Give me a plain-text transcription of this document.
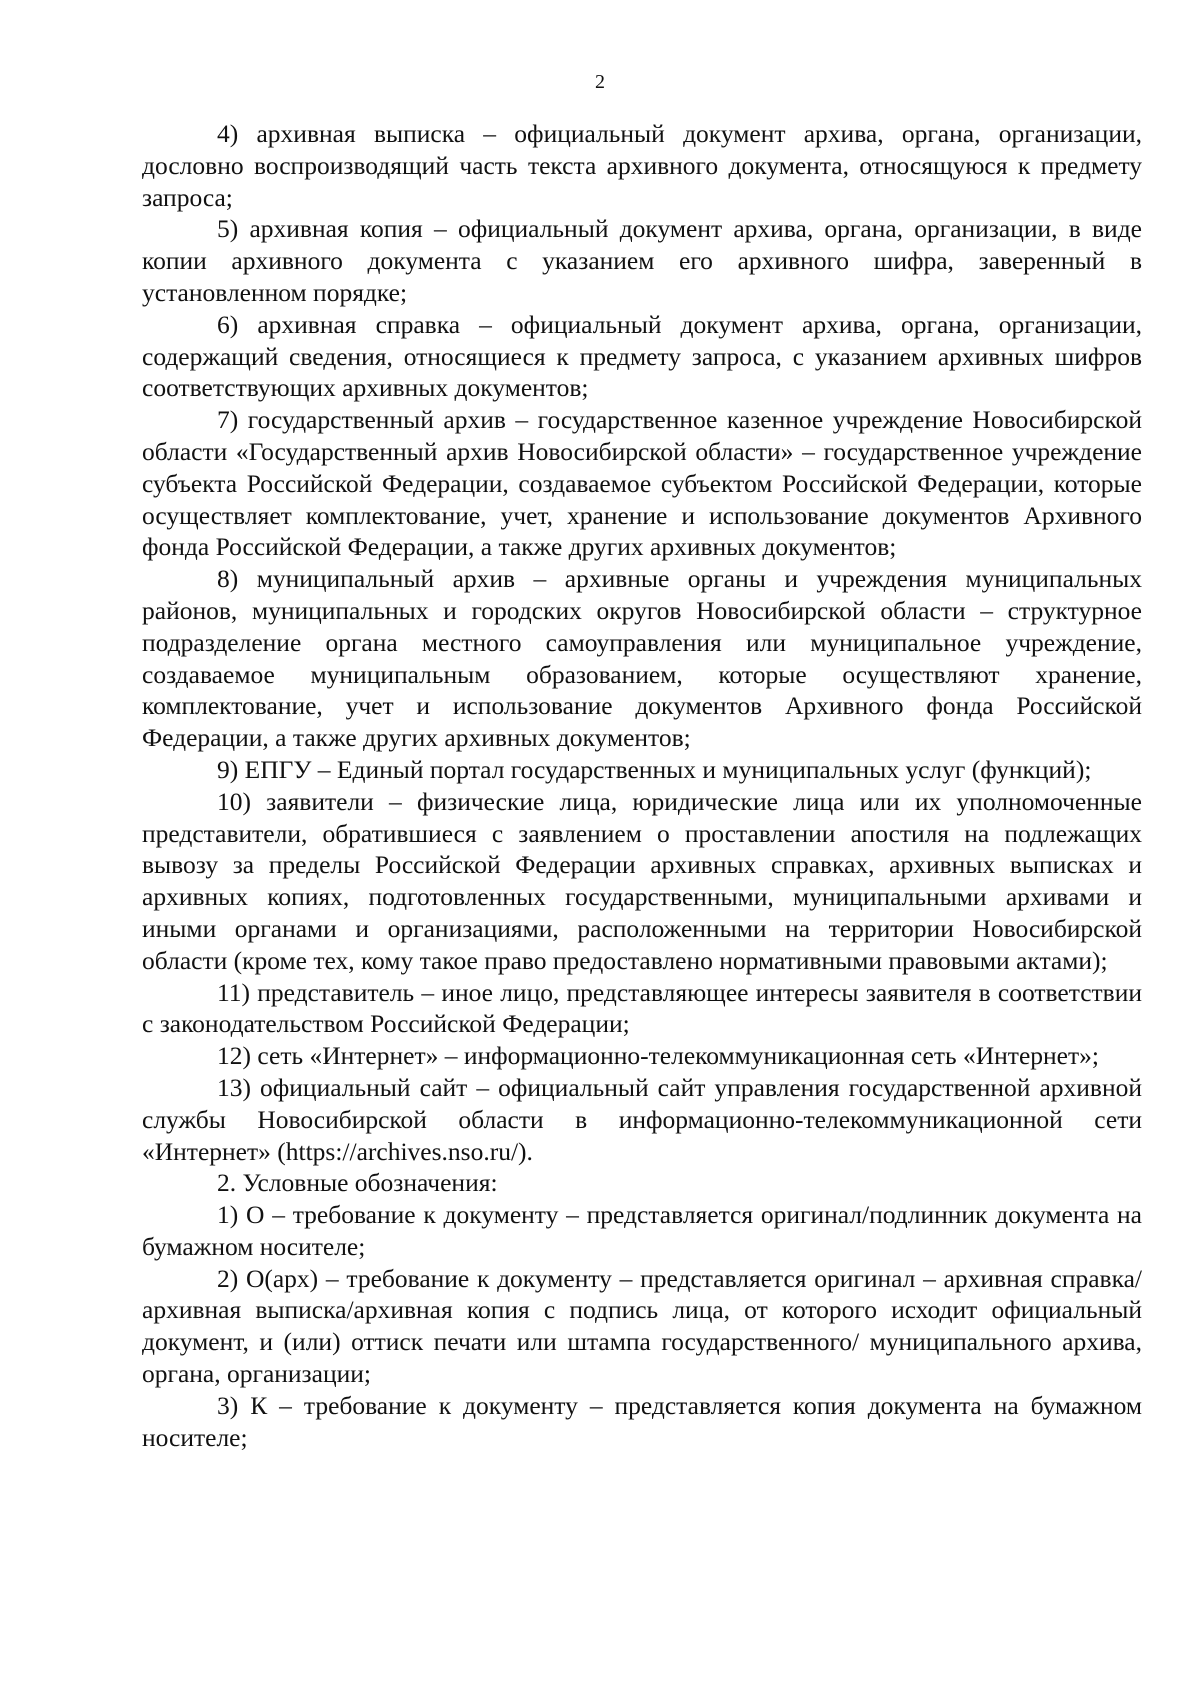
2

4) архивная выписка – официальный документ архива, органа, организации, дословно воспроизводящий часть текста архивного документа, относящуюся к предмету запроса;

5) архивная копия – официальный документ архива, органа, организации, в виде копии архивного документа с указанием его архивного шифра, заверенный в установленном порядке;

6) архивная справка – официальный документ архива, органа, организации, содержащий сведения, относящиеся к предмету запроса, с указанием архивных шифров соответствующих архивных документов;

7) государственный архив – государственное казенное учреждение Новосибирской области «Государственный архив Новосибирской области» – государственное учреждение субъекта Российской Федерации, создаваемое субъектом Российской Федерации, которые осуществляет комплектование, учет, хранение и использование документов Архивного фонда Российской Федерации, а также других архивных документов;

8) муниципальный архив – архивные органы и учреждения муниципальных районов, муниципальных и городских округов Новосибирской области – структурное подразделение органа местного самоуправления или муниципальное учреждение, создаваемое муниципальным образованием, которые осуществляют хранение, комплектование, учет и использование документов Архивного фонда Российской Федерации, а также других архивных документов;

9) ЕПГУ – Единый портал государственных и муниципальных услуг (функций);

10) заявители – физические лица, юридические лица или их уполномоченные представители, обратившиеся с заявлением о проставлении апостиля на подлежащих вывозу за пределы Российской Федерации архивных справках, архивных выписках и архивных копиях, подготовленных государственными, муниципальными архивами и иными органами и организациями, расположенными на территории Новосибирской области (кроме тех, кому такое право предоставлено нормативными правовыми актами);

11) представитель – иное лицо, представляющее интересы заявителя в соответствии с законодательством Российской Федерации;

12) сеть «Интернет» – информационно-телекоммуникационная сеть «Интернет»;

13) официальный сайт – официальный сайт управления государственной архивной службы Новосибирской области в информационно-телекоммуникационной сети «Интернет» (https://archives.nso.ru/).

2. Условные обозначения:

1) О – требование к документу – представляется оригинал/подлинник документа на бумажном носителе;

2) О(арх) – требование к документу – представляется оригинал – архивная справка/архивная выписка/архивная копия с подпись лица, от которого исходит официальный документ, и (или) оттиск печати или штампа государственного/ муниципального архива, органа, организации;

3) К – требование к документу – представляется копия документа на бумажном носителе;
